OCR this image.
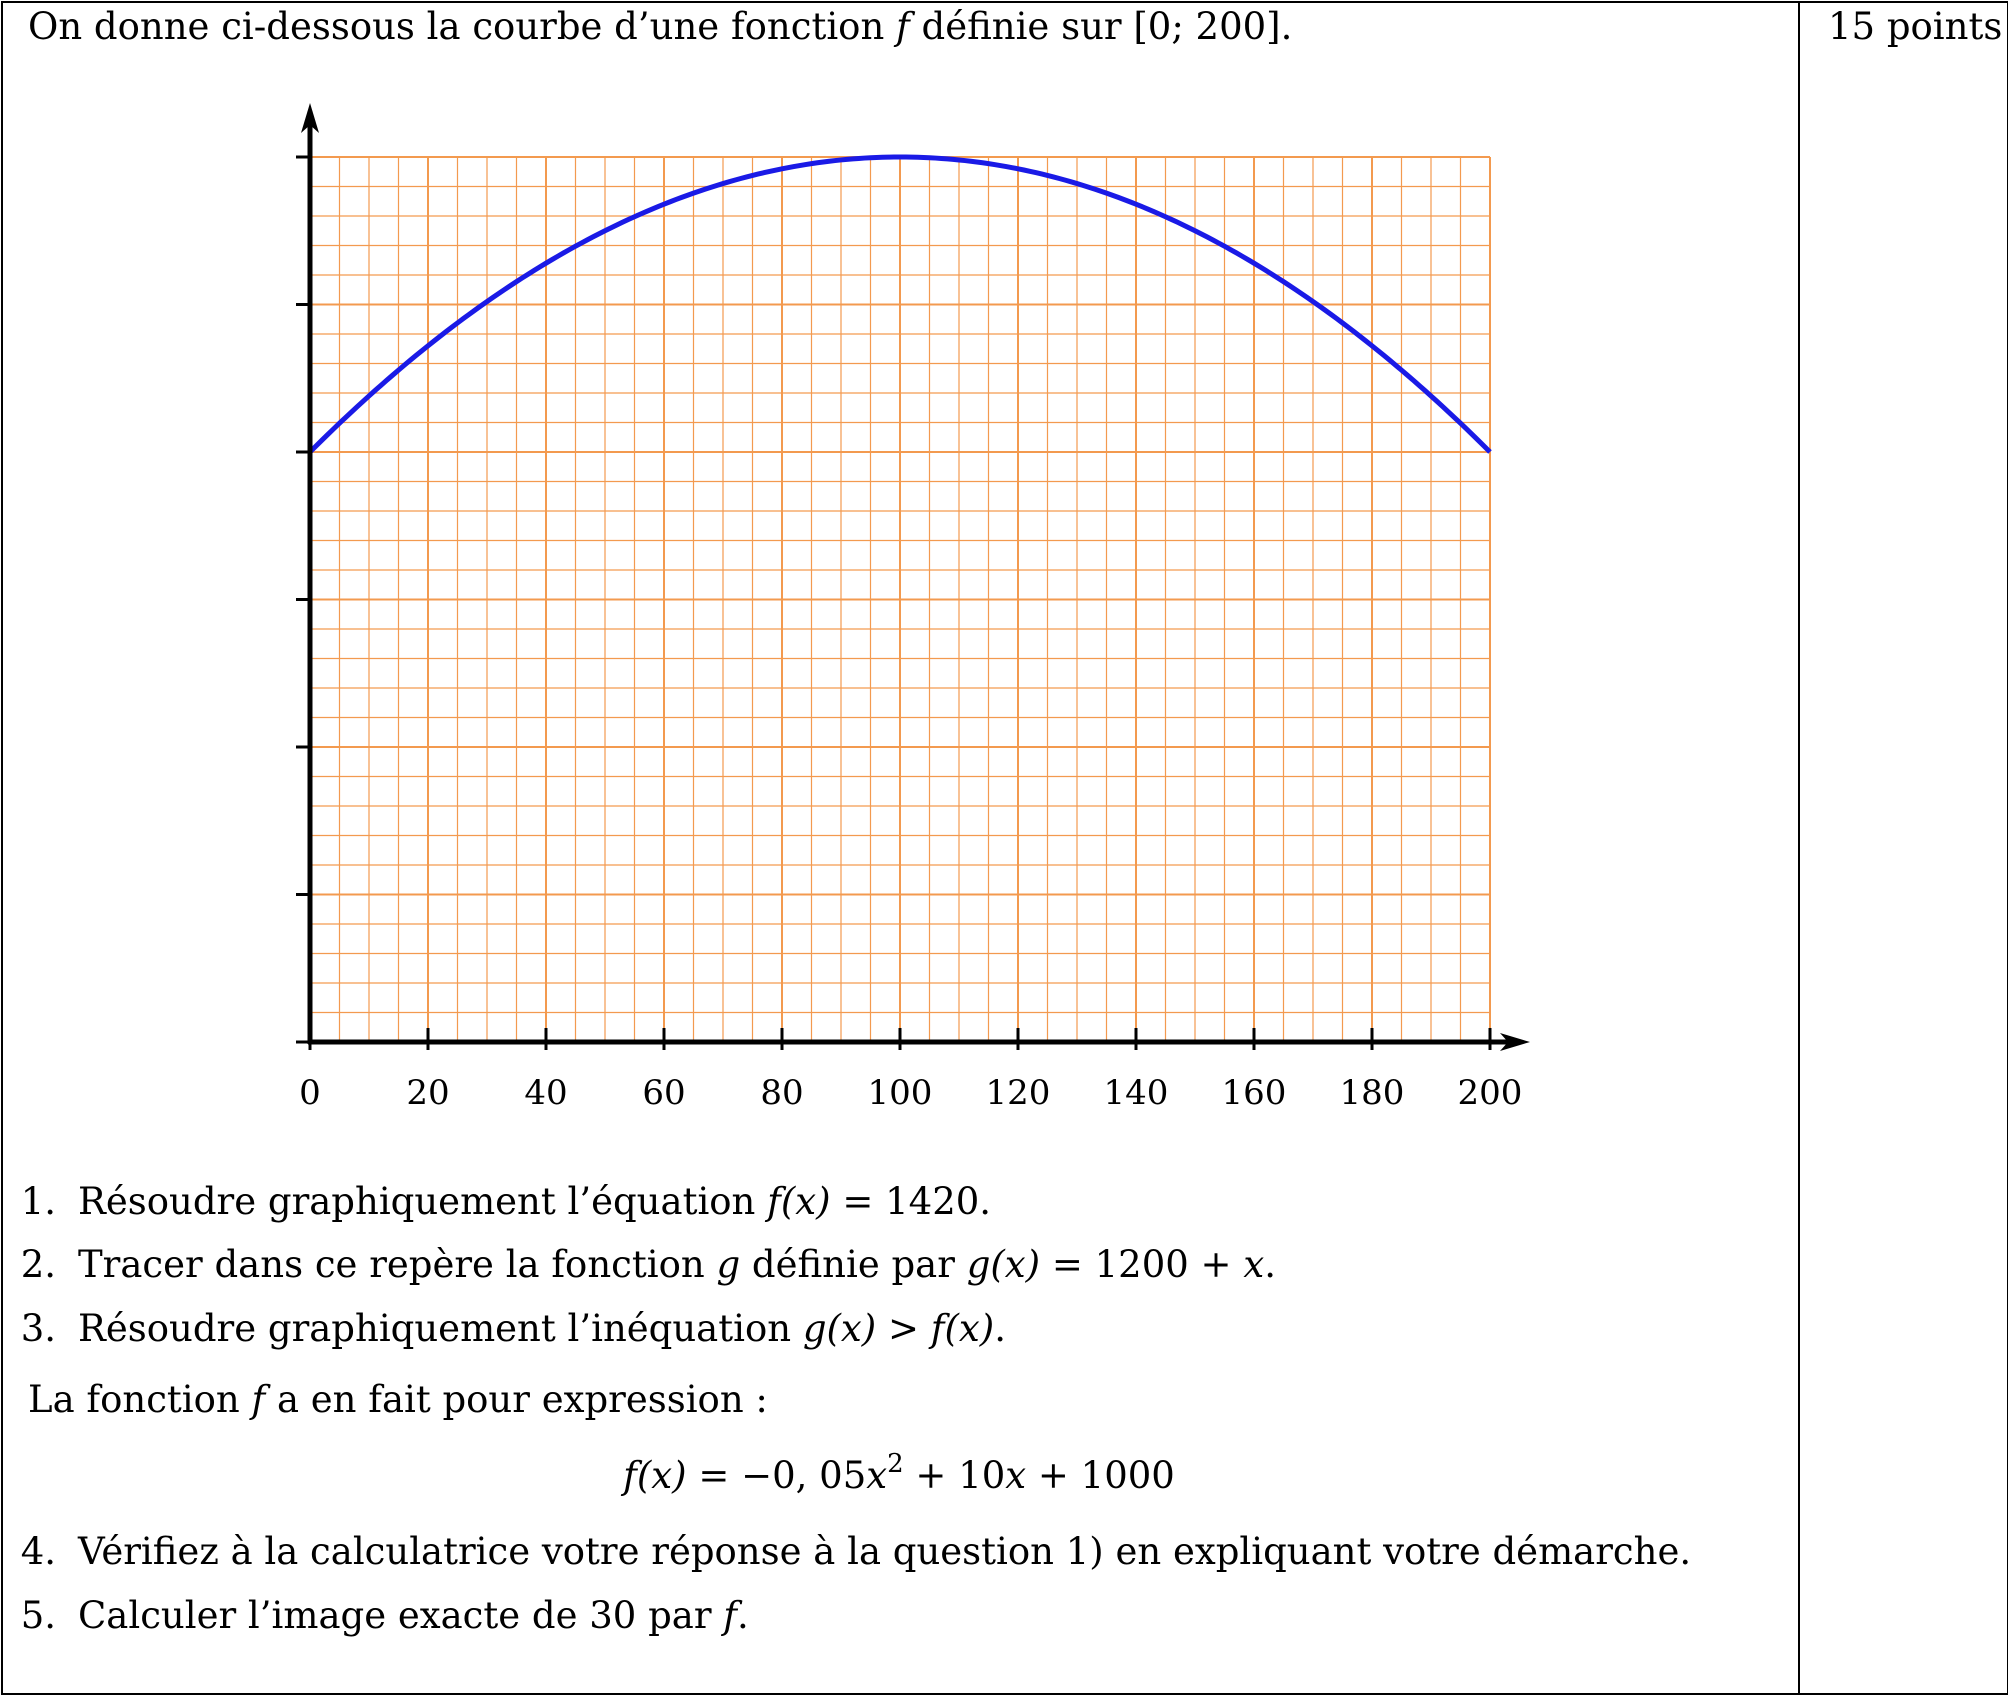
On donne ci-dessous la courbe d’une fonction f définie sur [0; 200].	15 points
0	20 40 60 80 100 120 140 160 180 200
1. Résoudre graphiquement l’équation f(x) = 1420.
2. Tracer dans ce repère la fonction g définie par g(x) = 1200 + x.
3. Résoudre graphiquement l’inéquation g(x) > f(x).
La fonction f a en fait pour expression :
f(x) = −0, $05x^2 + 10x + 1000$
4. Vérifiez à la calculatrice votre réponse à la question 1) en expliquant votre démarche.
5. Calculer l’image exacte de 30 par f.
